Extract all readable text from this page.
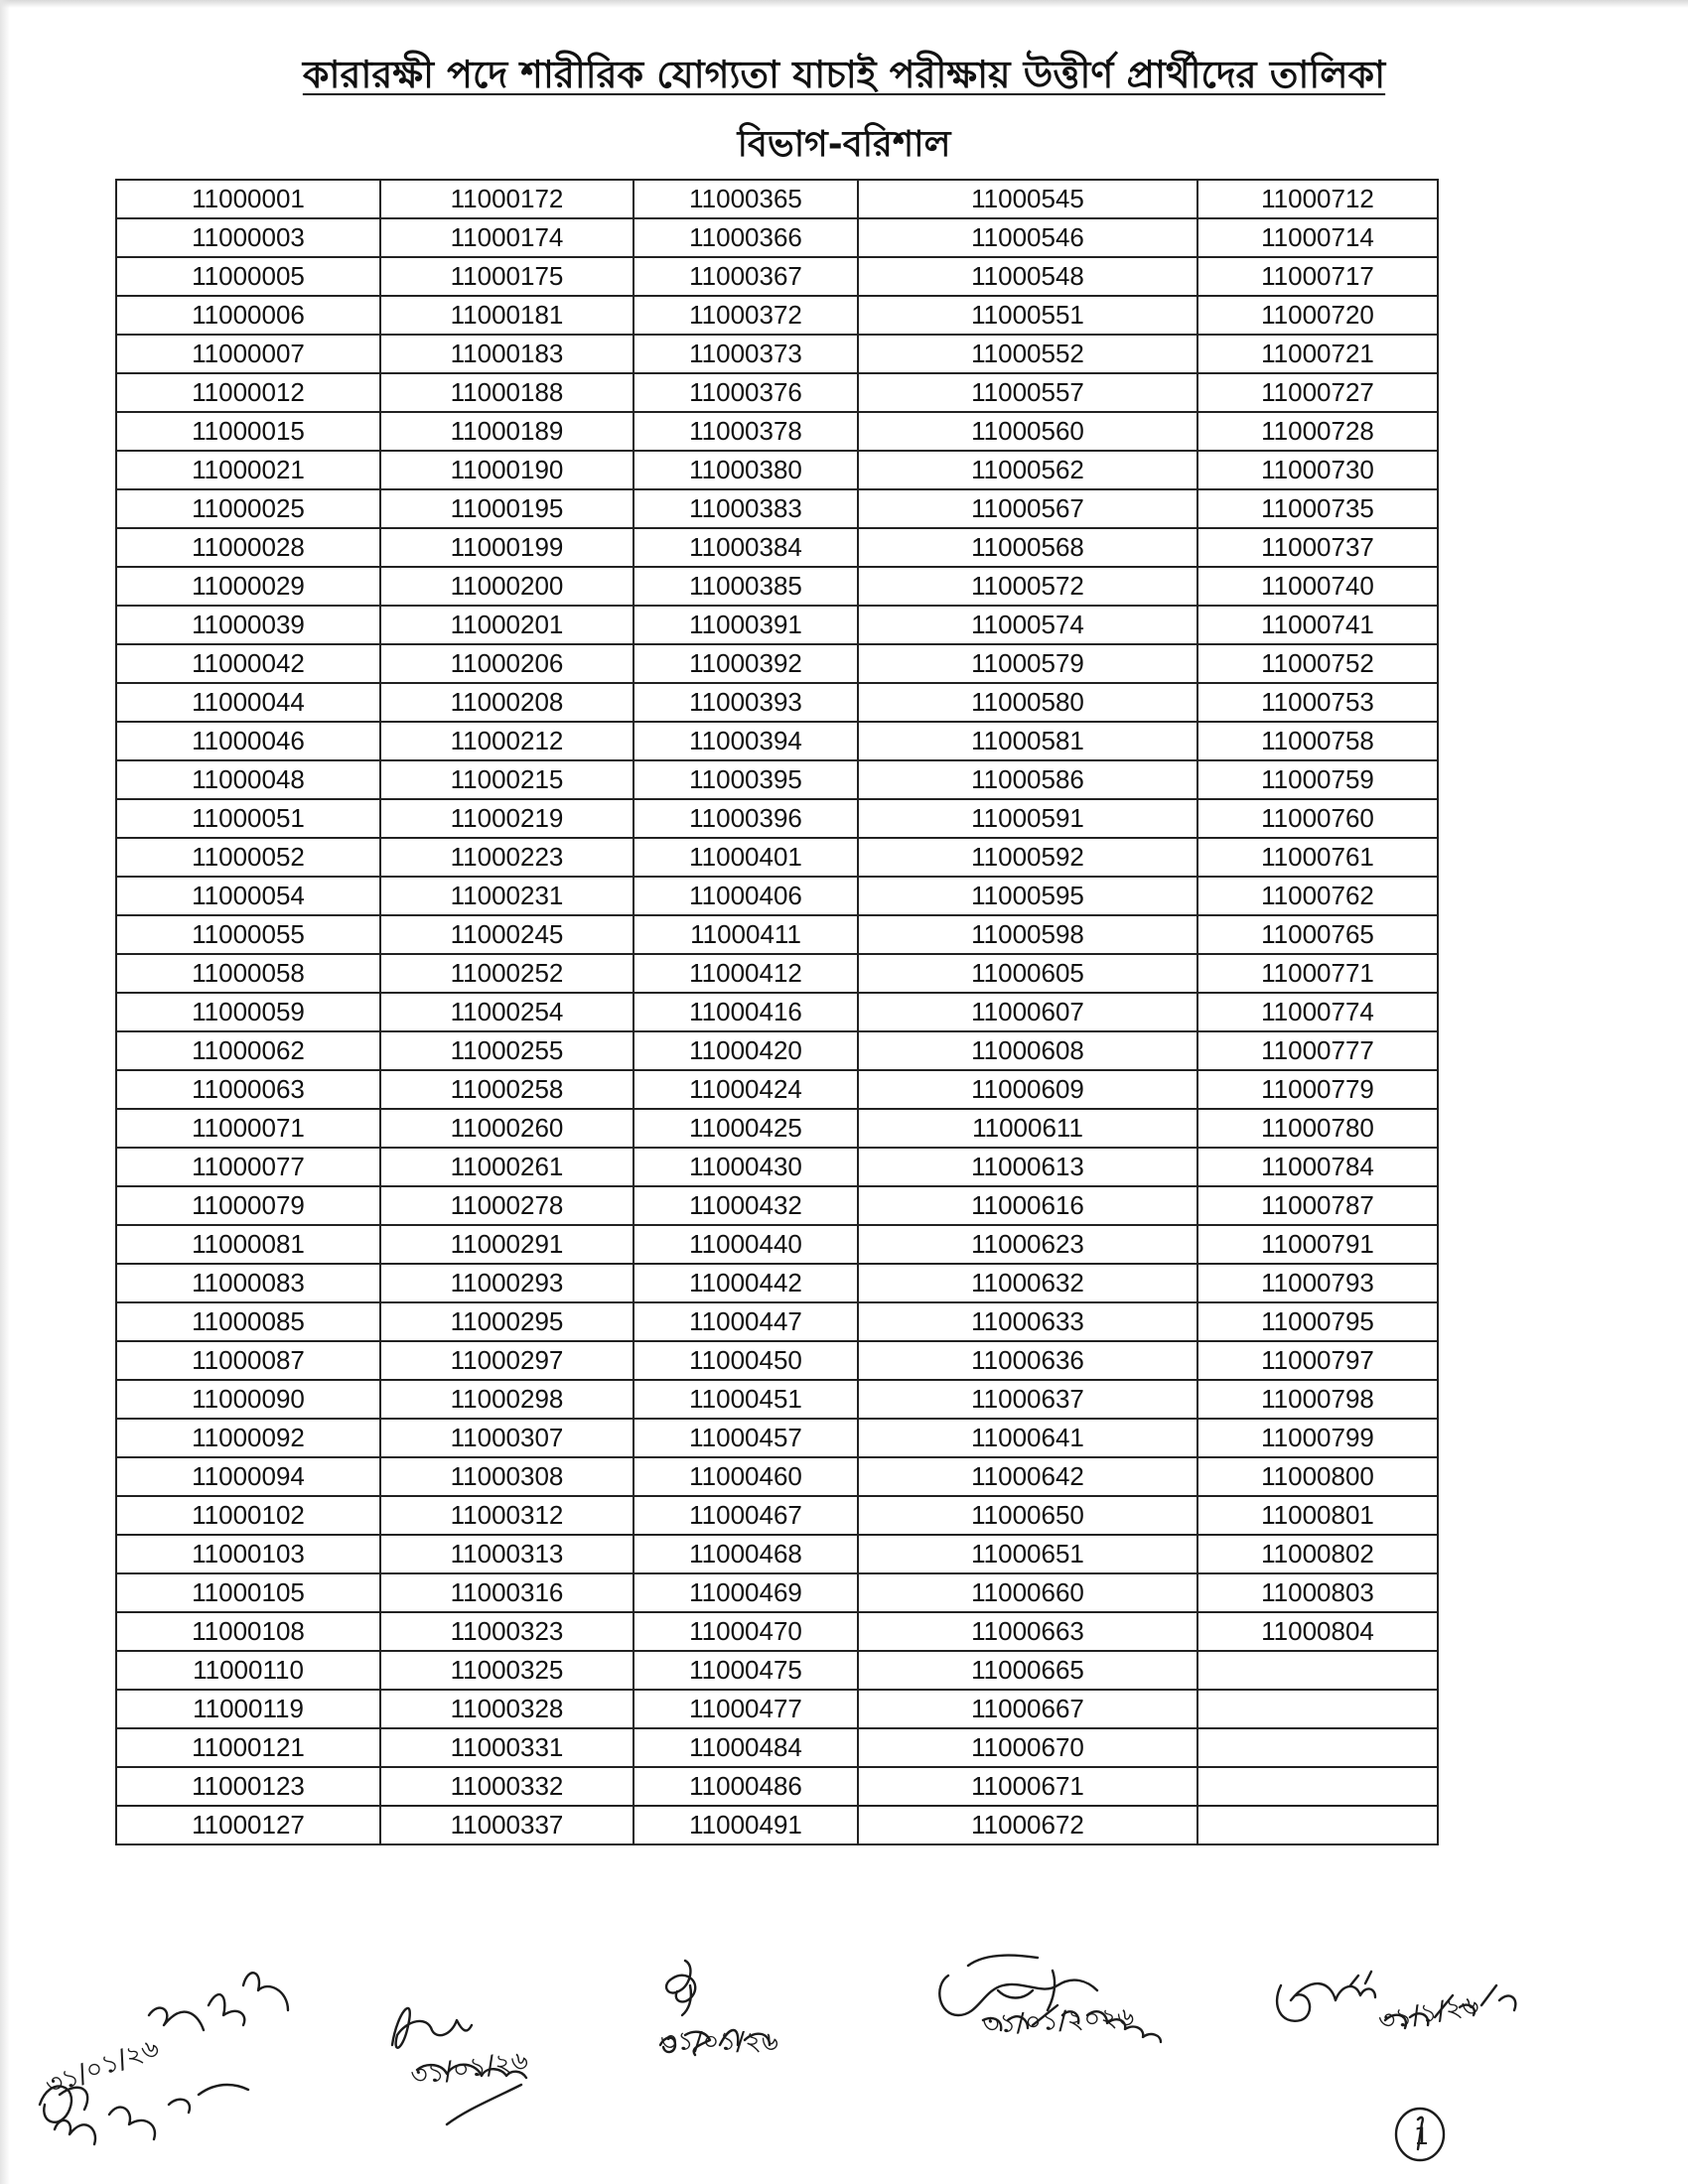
কারারক্ষী পদে শারীরিক যোগ্যতা যাচাই পরীক্ষায় উত্তীর্ণ প্রার্থীদের তালিকা
বিভাগ-বরিশাল
11000001	11000172	11000365	11000545	11000712
11000003	11000174	11000366	11000546	11000714
11000005	11000175	11000367	11000548	11000717
11000006	11000181	11000372	11000551	11000720
11000007	11000183	11000373	11000552	11000721
11000012	11000188	11000376	11000557	11000727
11000015	11000189	11000378	11000560	11000728
11000021	11000190	11000380	11000562	11000730
11000025	11000195	11000383	11000567	11000735
11000028	11000199	11000384	11000568	11000737
11000029	11000200	11000385	11000572	11000740
11000039	11000201	11000391	11000574	11000741
11000042	11000206	11000392	11000579	11000752
11000044	11000208	11000393	11000580	11000753
11000046	11000212	11000394	11000581	11000758
11000048	11000215	11000395	11000586	11000759
11000051	11000219	11000396	11000591	11000760
11000052	11000223	11000401	11000592	11000761
11000054	11000231	11000406	11000595	11000762
11000055	11000245	11000411	11000598	11000765
11000058	11000252	11000412	11000605	11000771
11000059	11000254	11000416	11000607	11000774
11000062	11000255	11000420	11000608	11000777
11000063	11000258	11000424	11000609	11000779
11000071	11000260	11000425	11000611	11000780
11000077	11000261	11000430	11000613	11000784
11000079	11000278	11000432	11000616	11000787
11000081	11000291	11000440	11000623	11000791
11000083	11000293	11000442	11000632	11000793
11000085	11000295	11000447	11000633	11000795
11000087	11000297	11000450	11000636	11000797
11000090	11000298	11000451	11000637	11000798
11000092	11000307	11000457	11000641	11000799
11000094	11000308	11000460	11000642	11000800
11000102	11000312	11000467	11000650	11000801
11000103	11000313	11000468	11000651	11000802
11000105	11000316	11000469	11000660	11000803
11000108	11000323	11000470	11000663	11000804
11000110	11000325	11000475	11000665	
11000119	11000328	11000477	11000667	
11000121	11000331	11000484	11000670	
11000123	11000332	11000486	11000671	
11000127	11000337	11000491	11000672	
৩১/০১/২৬	৩১/০১/২৬
৩১/০১/২৬
৩১/০১/২০২৬	৩১/১/২৬
1
